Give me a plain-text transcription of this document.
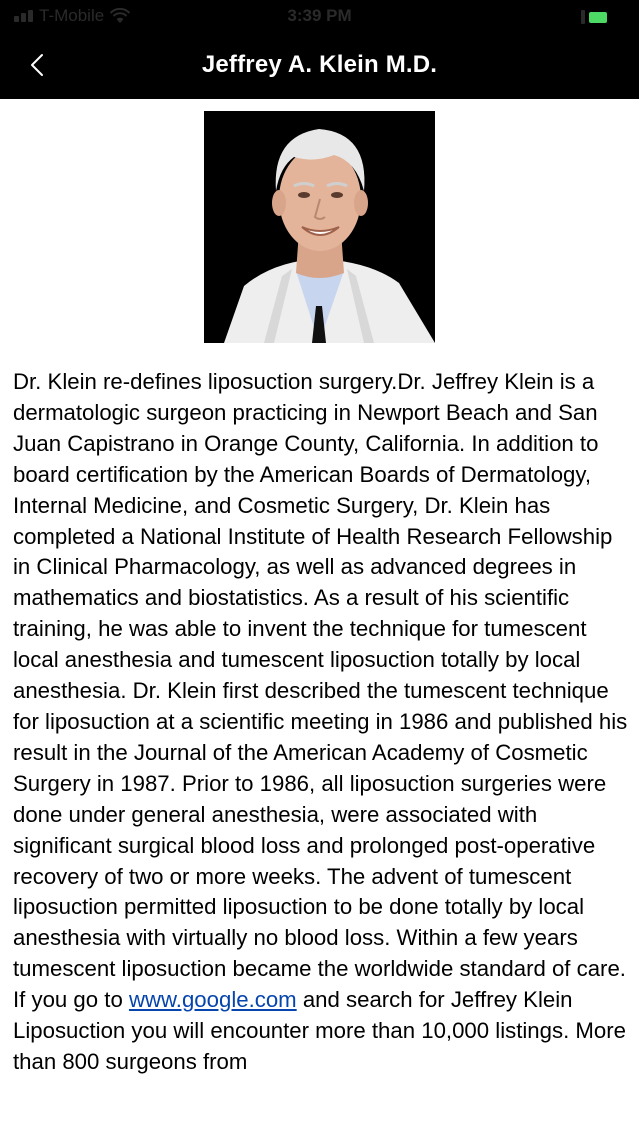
T-Mobile	3:39 PM
Jeffrey A. Klein M.D.
Dr. Klein re-defines liposuction surgery.Dr. Jeffrey Klein is a dermatologic surgeon practicing in Newport Beach and San Juan Capistrano in Orange County, California. In addition to board certification by the American Boards of Dermatology, Internal Medicine, and Cosmetic Surgery, Dr. Klein has completed a National Institute of Health Research Fellowship in Clinical Pharmacology, as well as advanced degrees in mathematics and biostatistics. As a result of his scientific training, he was able to invent the technique for tumescent local anesthesia and tumescent liposuction totally by local anesthesia. Dr. Klein first described the tumescent technique for liposuction at a scientific meeting in 1986 and published his result in the Journal of the American Academy of Cosmetic Surgery in 1987. Prior to 1986, all liposuction surgeries were done under general anesthesia, were associated with significant surgical blood loss and prolonged post-operative recovery of two or more weeks. The advent of tumescent liposuction permitted liposuction to be done totally by local anesthesia with virtually no blood loss. Within a few years tumescent liposuction became the worldwide standard of care. If you go to www.google.com and search for Jeffrey Klein Liposuction you will encounter more than 10,000 listings. More than 800 surgeons from
